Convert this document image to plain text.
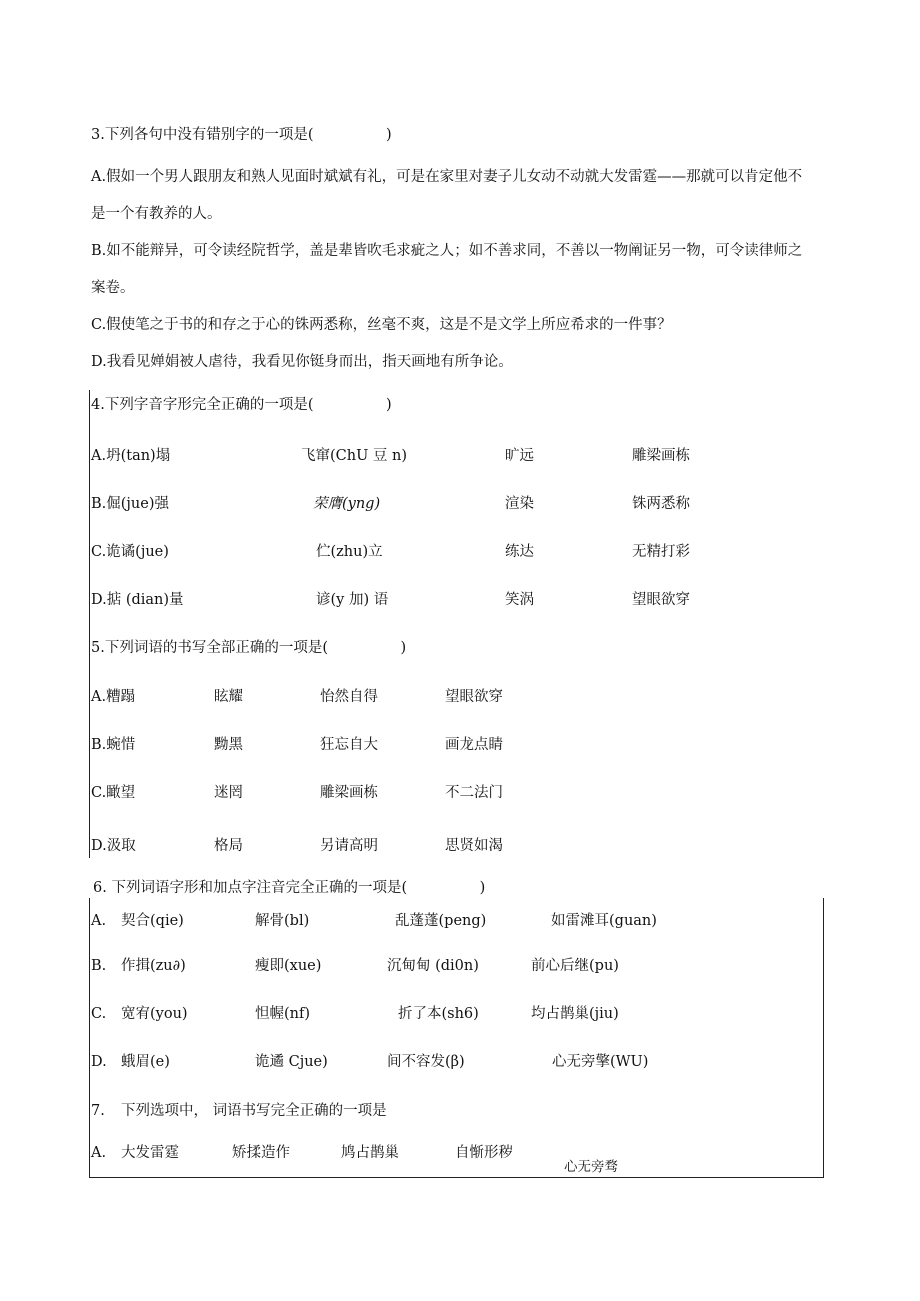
3.下列各句中没有错别字的一项是(　　　　　)
A.假如一个男人跟朋友和熟人见面时斌斌有礼，可是在家里对妻子儿女动不动就大发雷霆——那就可以肯定他不
是一个有教养的人。
B.如不能辩异，可令读经院哲学，盖是辈皆吹毛求疵之人；如不善求同，不善以一物阐证另一物，可令读律师之
案卷。
C.假使笔之于书的和存之于心的铢两悉称，丝毫不爽，这是不是文学上所应希求的一件事？
D.我看见婵娟被人虐待，我看见你铤身而出，指天画地有所争论。
4.下列字音字形完全正确的一项是(　　　　　)
A.坍(tan)塌	飞窜(ChU 豆 n)	旷远	雕梁画栋
B.倔(jue)强	荣膺(yng)	渲染	铢两悉称
C.诡谲(jue)	伫(zhu)立	练达	无精打彩
D.掂 (dian)量	谚(y 加) 语	笑涡	望眼欲穿
5.下列词语的书写全部正确的一项是(　　　　　)
A.糟蹋	眩耀	怡然自得	望眼欲穿
B.蜿惜	黝黑	狂忘自大	画龙点睛
C.瞰望	迷罔	雕梁画栋	不二法门
D.汲取	格局	另请高明	思贤如渴
6. 下列词语字形和加点字注音完全正确的一项是(　　　　　)
A. 契合(qie)	解骨(bl)	乱蓬蓬(peng)	如雷滩耳(guan)
B. 作揖(zu∂)	瘦即(xue)	沉甸甸 (di0n)	前心后继(pu)
C. 宽宥(you)	怛幄(nf)	折了本(sh6)	均占鹊巢(jiu)
D. 蛾眉(e)	诡遹 Cjue)	间不容发(β)	心无旁擎(WU)
7. 下列选项中， 词语书写完全正确的一项是
A. 大发雷霆	矫揉造作	鸠占鹊巢	自惭形秽
心无旁骛
